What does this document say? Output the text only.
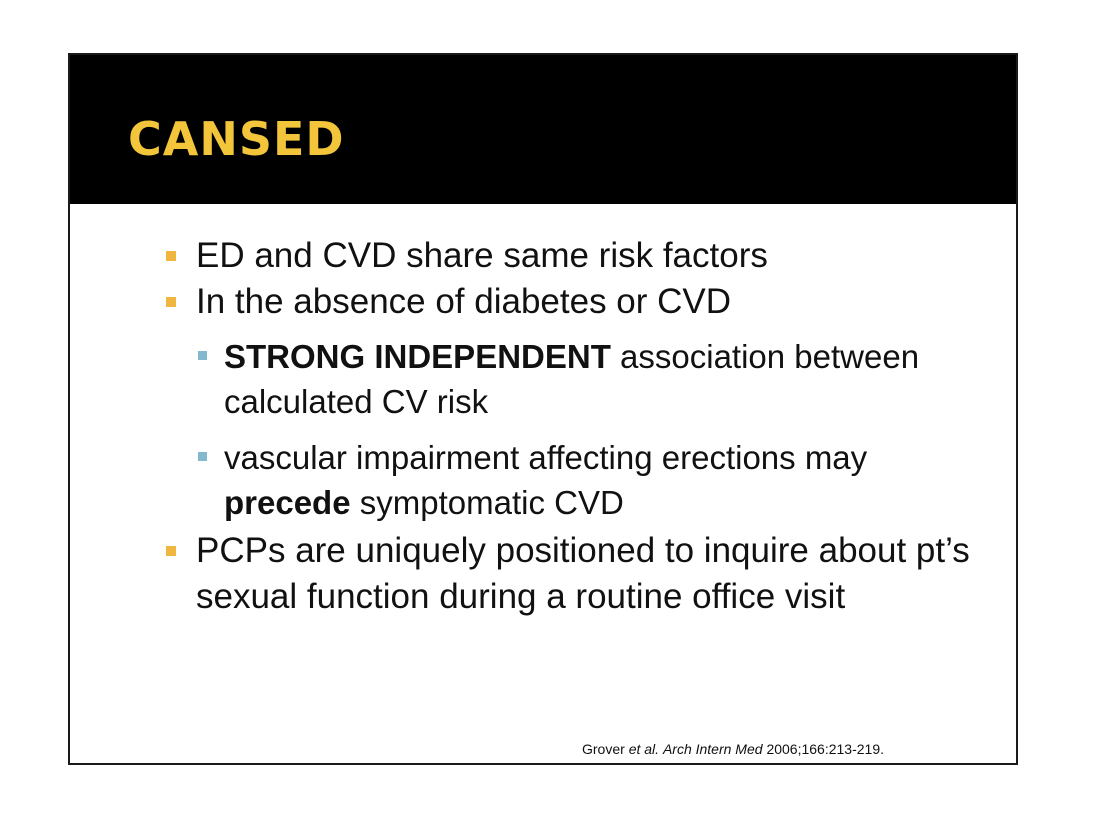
CANSED
ED and CVD share same risk factors
In the absence of diabetes or CVD
STRONG INDEPENDENT association between calculated CV risk
vascular impairment affecting erections may precede symptomatic CVD
PCPs are uniquely positioned to inquire about pt’s sexual function during a routine office visit
Grover et al. Arch Intern Med 2006;166:213-219.
